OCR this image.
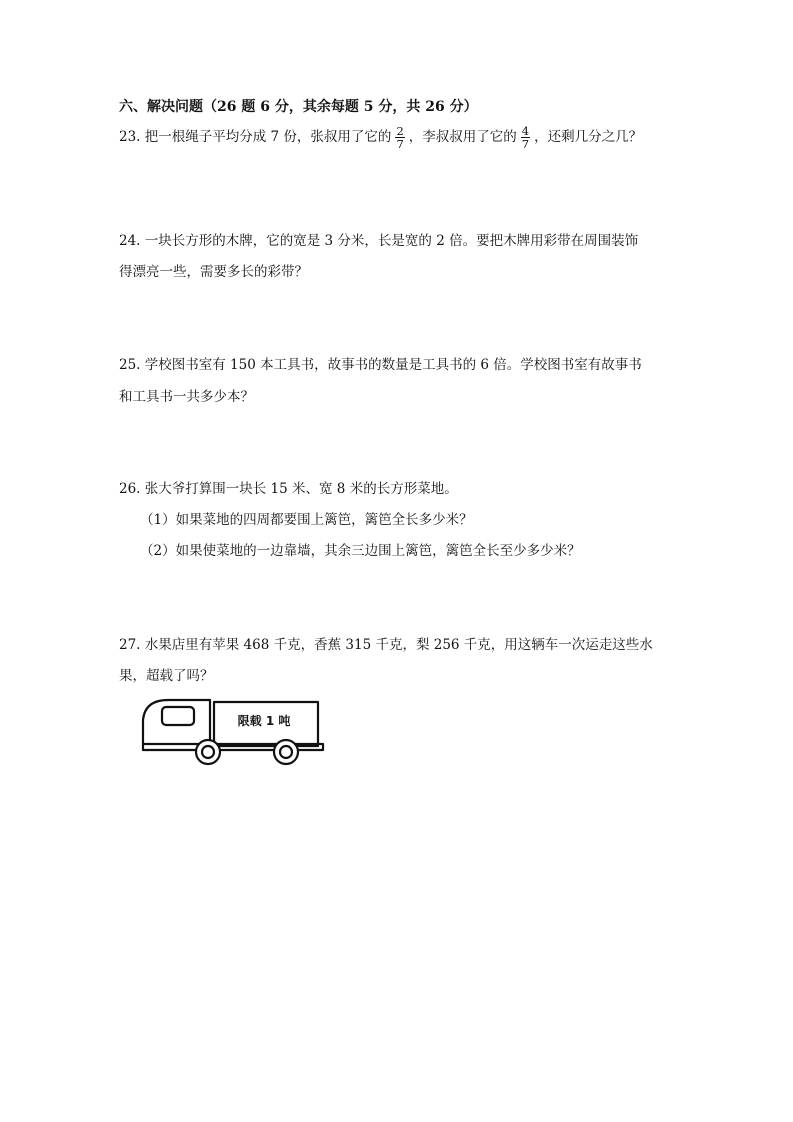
六、解决问题（26 题 6 分，其余每题 5 分，共 26 分）
23. 把一根绳子平均分成 7 份，张叔用了它的 $\frac{2}{7}$ ，李叔叔用了它的 $\frac{4}{7}$ ，还剩几分之几？
24. 一块长方形的木牌，它的宽是 3 分米，长是宽的 2 倍。要把木牌用彩带在周围装饰
得漂亮一些，需要多长的彩带？
25. 学校图书室有 150 本工具书，故事书的数量是工具书的 6 倍。学校图书室有故事书
和工具书一共多少本？
26. 张大爷打算围一块长 15 米、宽 8 米的长方形菜地。
（1）如果菜地的四周都要围上篱笆，篱笆全长多少米？
（2）如果使菜地的一边靠墙，其余三边围上篱笆，篱笆全长至少多少米？
27. 水果店里有苹果 468 千克，香蕉 315 千克，梨 256 千克，用这辆车一次运走这些水
果，超载了吗？
限载 1 吨
